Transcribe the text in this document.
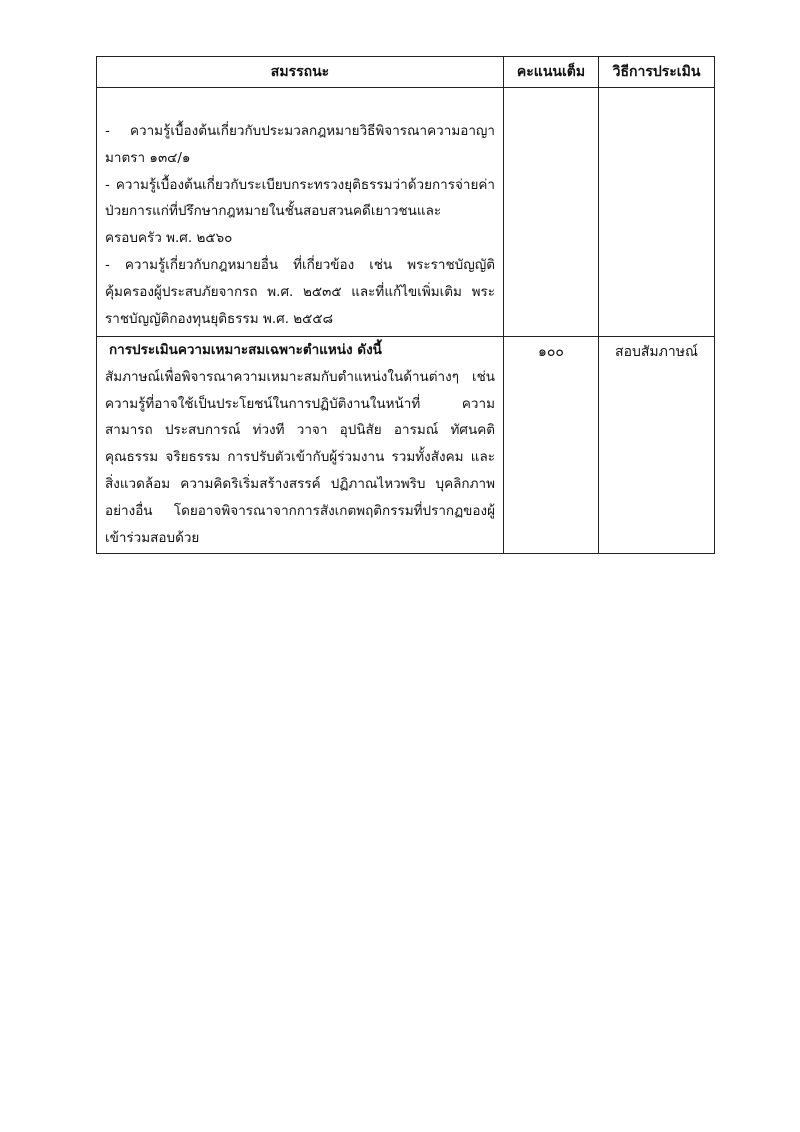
สมรรถนะ	คะแนนเต็ม	วิธีการประเมิน

- ความรู้เบื้องต้นเกี่ยวกับประมวลกฎหมายวิธีพิจารณาความอาญา มาตรา ๑๓๔/๑
- ความรู้เบื้องต้นเกี่ยวกับระเบียบกระทรวงยุติธรรมว่าด้วยการจ่ายค่าป่วยการแก่ที่ปรึกษากฎหมายในชั้นสอบสวนคดีเยาวชนและครอบครัว พ.ศ. ๒๕๖๐
- ความรู้เกี่ยวกับกฎหมายอื่น ที่เกี่ยวข้อง เช่น พระราชบัญญัติคุ้มครองผู้ประสบภัยจากรถ พ.ศ. ๒๕๓๕ และที่แก้ไขเพิ่มเติม พระราชบัญญัติกองทุนยุติธรรม พ.ศ. ๒๕๕๘		

การประเมินความเหมาะสมเฉพาะตำแหน่ง ดังนี้
สัมภาษณ์เพื่อพิจารณาความเหมาะสมกับตำแหน่งในด้านต่างๆ เช่น ความรู้ที่อาจใช้เป็นประโยชน์ในการปฏิบัติงานในหน้าที่ ความสามารถ ประสบการณ์ ท่วงที วาจา อุปนิสัย อารมณ์ ทัศนคติ คุณธรรม จริยธรรม การปรับตัวเข้ากับผู้ร่วมงาน รวมทั้งสังคม และสิ่งแวดล้อม ความคิดริเริ่มสร้างสรรค์ ปฏิภาณไหวพริบ บุคลิกภาพอย่างอื่น โดยอาจพิจารณาจากการสังเกตพฤติกรรมที่ปรากฏของผู้เข้าร่วมสอบด้วย	๑๐๐	สอบสัมภาษณ์
